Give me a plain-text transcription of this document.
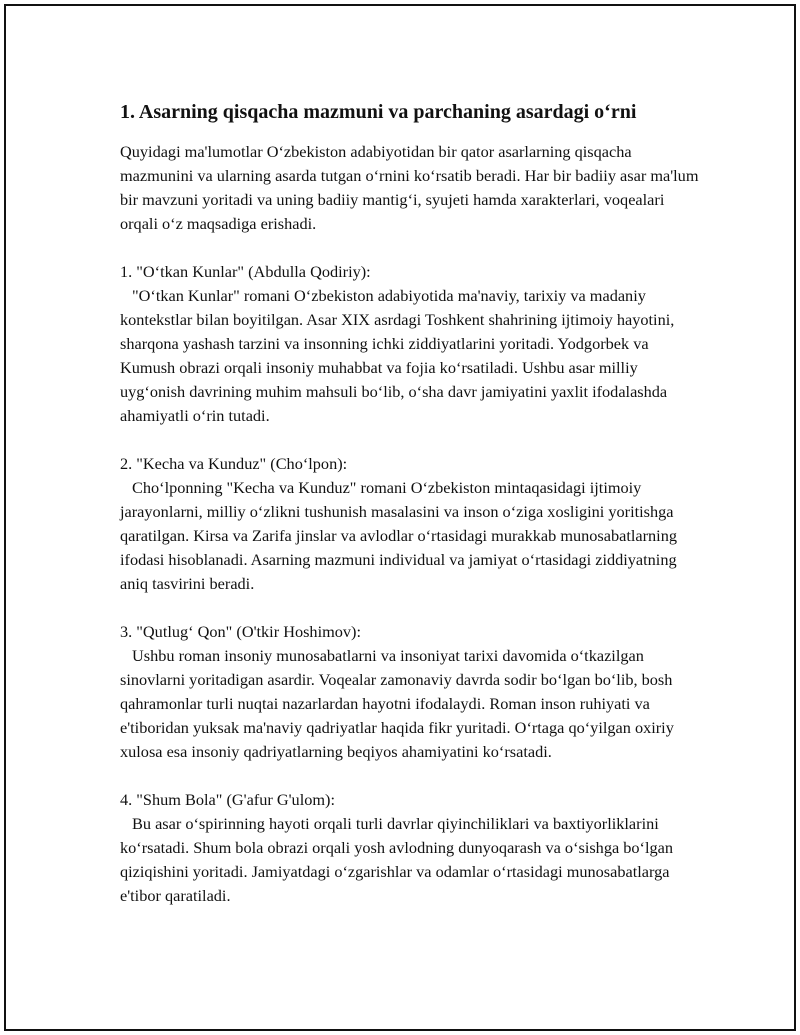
1. Asarning qisqacha mazmuni va parchaning asardagi o‘rni

Quyidagi ma'lumotlar O‘zbekiston adabiyotidan bir qator asarlarning qisqacha mazmunini va ularning asarda tutgan o‘rnini ko‘rsatib beradi. Har bir badiiy asar ma'lum bir mavzuni yoritadi va uning badiiy mantig‘i, syujeti hamda xarakterlari, voqealari orqali o‘z maqsadiga erishadi.

1. "O‘tkan Kunlar" (Abdulla Qodiriy):

"O‘tkan Kunlar" romani O‘zbekiston adabiyotida ma'naviy, tarixiy va madaniy kontekstlar bilan boyitilgan. Asar XIX asrdagi Toshkent shahrining ijtimoiy hayotini, sharqona yashash tarzini va insonning ichki ziddiyatlarini yoritadi. Yodgorbek va Kumush obrazi orqali insoniy muhabbat va fojia ko‘rsatiladi. Ushbu asar milliy uyg‘onish davrining muhim mahsuli bo‘lib, o‘sha davr jamiyatini yaxlit ifodalashda ahamiyatli o‘rin tutadi.

2. "Kecha va Kunduz" (Cho‘lpon):

Cho‘lponning "Kecha va Kunduz" romani O‘zbekiston mintaqasidagi ijtimoiy jarayonlarni, milliy o‘zlikni tushunish masalasini va inson o‘ziga xosligini yoritishga qaratilgan. Kirsa va Zarifa jinslar va avlodlar o‘rtasidagi murakkab munosabatlarning ifodasi hisoblanadi. Asarning mazmuni individual va jamiyat o‘rtasidagi ziddiyatning aniq tasvirini beradi.

3. "Qutlug‘ Qon" (O'tkir Hoshimov):

Ushbu roman insoniy munosabatlarni va insoniyat tarixi davomida o‘tkazilgan sinovlarni yoritadigan asardir. Voqealar zamonaviy davrda sodir bo‘lgan bo‘lib, bosh qahramonlar turli nuqtai nazarlardan hayotni ifodalaydi. Roman inson ruhiyati va e'tiboridan yuksak ma'naviy qadriyatlar haqida fikr yuritadi. O‘rtaga qo‘yilgan oxiriy xulosa esa insoniy qadriyatlarning beqiyos ahamiyatini ko‘rsatadi.

4. "Shum Bola" (G'afur G'ulom):

Bu asar o‘spirinning hayoti orqali turli davrlar qiyinchiliklari va baxtiyorliklarini ko‘rsatadi. Shum bola obrazi orqali yosh avlodning dunyoqarash va o‘sishga bo‘lgan qiziqishini yoritadi. Jamiyatdagi o‘zgarishlar va odamlar o‘rtasidagi munosabatlarga e'tibor qaratiladi.
